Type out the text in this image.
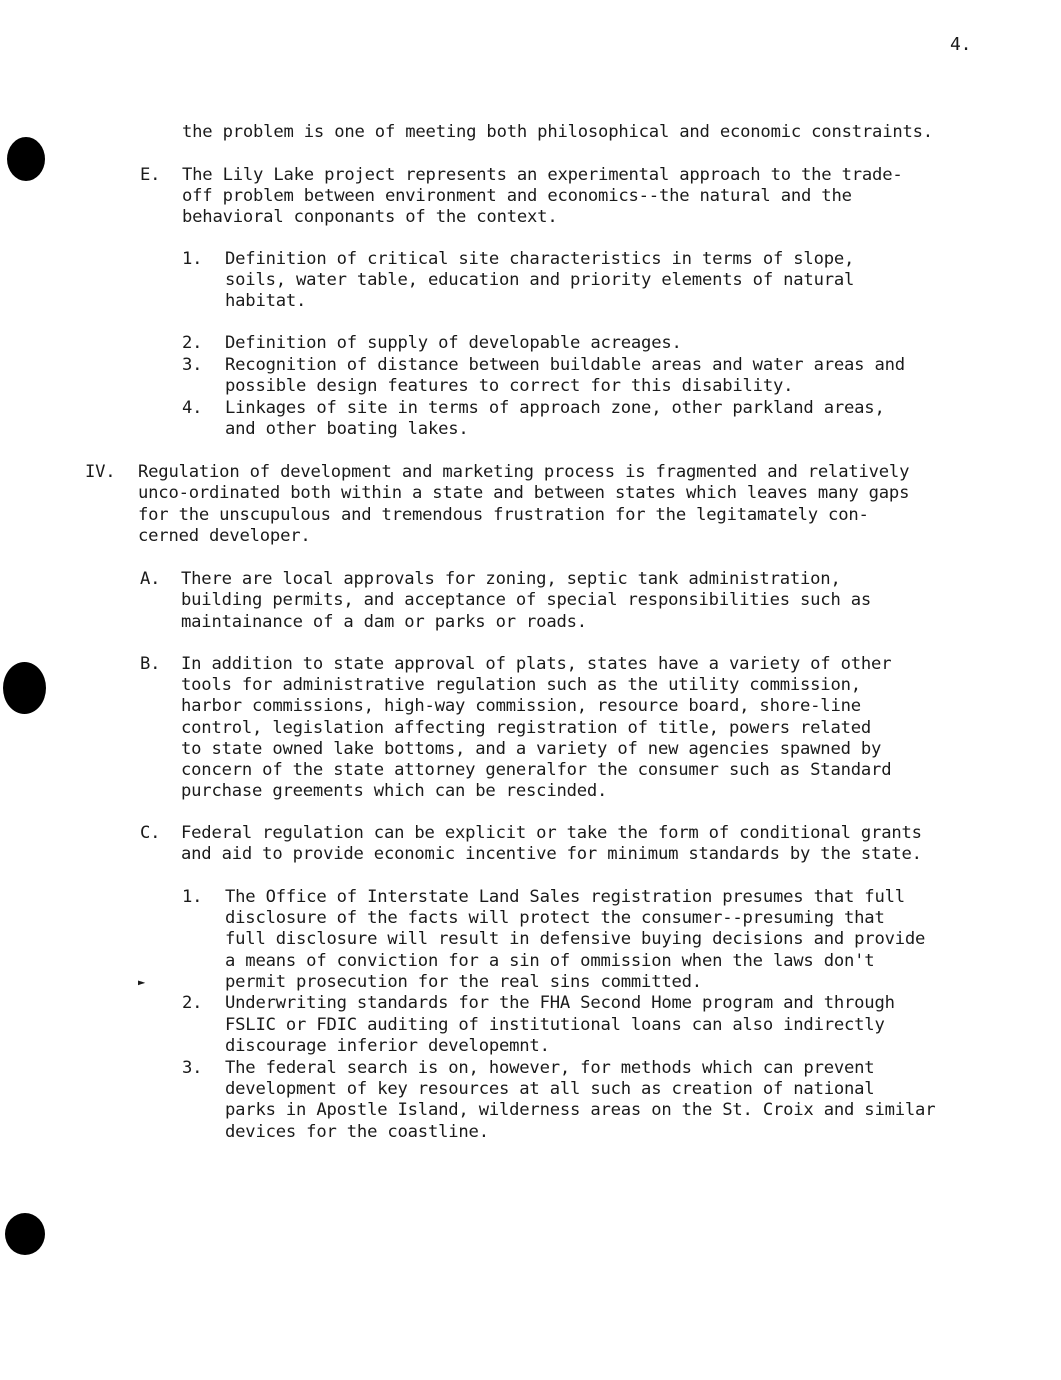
►
4.
the problem is one of meeting both philosophical and economic constraints.
E. The Lily Lake project represents an experimental approach to the trade-
off problem between environment and economics--the natural and the
behavioral conponants of the context.
1. Definition of critical site characteristics in terms of slope,
soils, water table, education and priority elements of natural
habitat.
2. Definition of supply of developable acreages.
3. Recognition of distance between buildable areas and water areas and
possible design features to correct for this disability.
4. Linkages of site in terms of approach zone, other parkland areas,
and other boating lakes.
IV. Regulation of development and marketing process is fragmented and relatively
unco-ordinated both within a state and between states which leaves many gaps
for the unscupulous and tremendous frustration for the legitamately con-
cerned developer.
A. There are local approvals for zoning, septic tank administration,
building permits, and acceptance of special responsibilities such as
maintainance of a dam or parks or roads.
B. In addition to state approval of plats, states have a variety of other
tools for administrative regulation such as the utility commission,
harbor commissions, high-way commission, resource board, shore-line
control, legislation affecting registration of title, powers related
to state owned lake bottoms, and a variety of new agencies spawned by
concern of the state attorney generalfor the consumer such as Standard
purchase greements which can be rescinded.
C. Federal regulation can be explicit or take the form of conditional grants
and aid to provide economic incentive for minimum standards by the state.
1. The Office of Interstate Land Sales registration presumes that full
disclosure of the facts will protect the consumer--presuming that
full disclosure will result in defensive buying decisions and provide
a means of conviction for a sin of ommission when the laws don't
permit prosecution for the real sins committed.
2. Underwriting standards for the FHA Second Home program and through
FSLIC or FDIC auditing of institutional loans can also indirectly
discourage inferior developemnt.
3. The federal search is on, however, for methods which can prevent
development of key resources at all such as creation of national
parks in Apostle Island, wilderness areas on the St. Croix and similar
devices for the coastline.
